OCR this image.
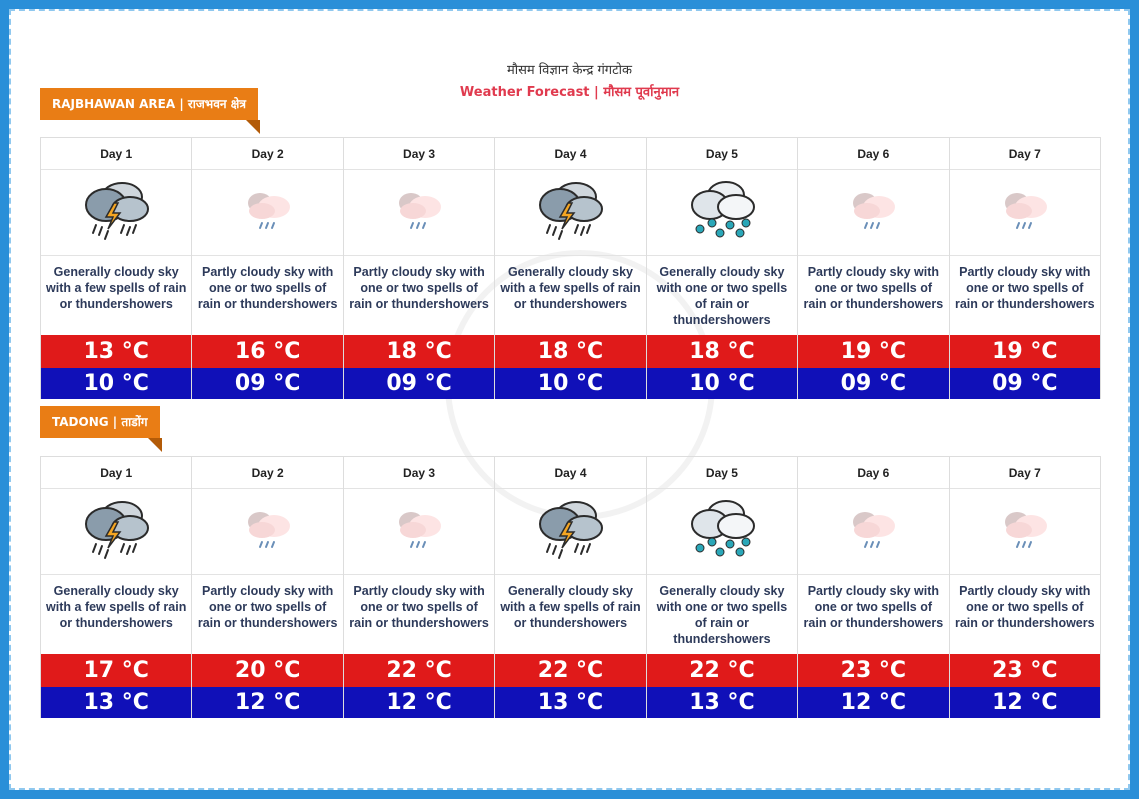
मौसम विज्ञान केन्द्र गंगटोक
Weather Forecast | मौसम पूर्वानुमान
RAJBHAWAN AREA | राजभवन क्षेत्र
Day 1
Generally cloudy sky with a few spells of rain or thundershowers
13 °C
10 °C
Day 2
Partly cloudy sky with one or two spells of rain or thundershowers
16 °C
09 °C
Day 3
Partly cloudy sky with one or two spells of rain or thundershowers
18 °C
09 °C
Day 4
Generally cloudy sky with a few spells of rain or thundershowers
18 °C
10 °C
Day 5
Generally cloudy sky with one or two spells of rain or thundershowers
18 °C
10 °C
Day 6
Partly cloudy sky with one or two spells of rain or thundershowers
19 °C
09 °C
Day 7
Partly cloudy sky with one or two spells of rain or thundershowers
19 °C
09 °C
TADONG | ताडोंग
Day 1
Generally cloudy sky with a few spells of rain or thundershowers
17 °C
13 °C
Day 2
Partly cloudy sky with one or two spells of rain or thundershowers
20 °C
12 °C
Day 3
Partly cloudy sky with one or two spells of rain or thundershowers
22 °C
12 °C
Day 4
Generally cloudy sky with a few spells of rain or thundershowers
22 °C
13 °C
Day 5
Generally cloudy sky with one or two spells of rain or thundershowers
22 °C
13 °C
Day 6
Partly cloudy sky with one or two spells of rain or thundershowers
23 °C
12 °C
Day 7
Partly cloudy sky with one or two spells of rain or thundershowers
23 °C
12 °C
